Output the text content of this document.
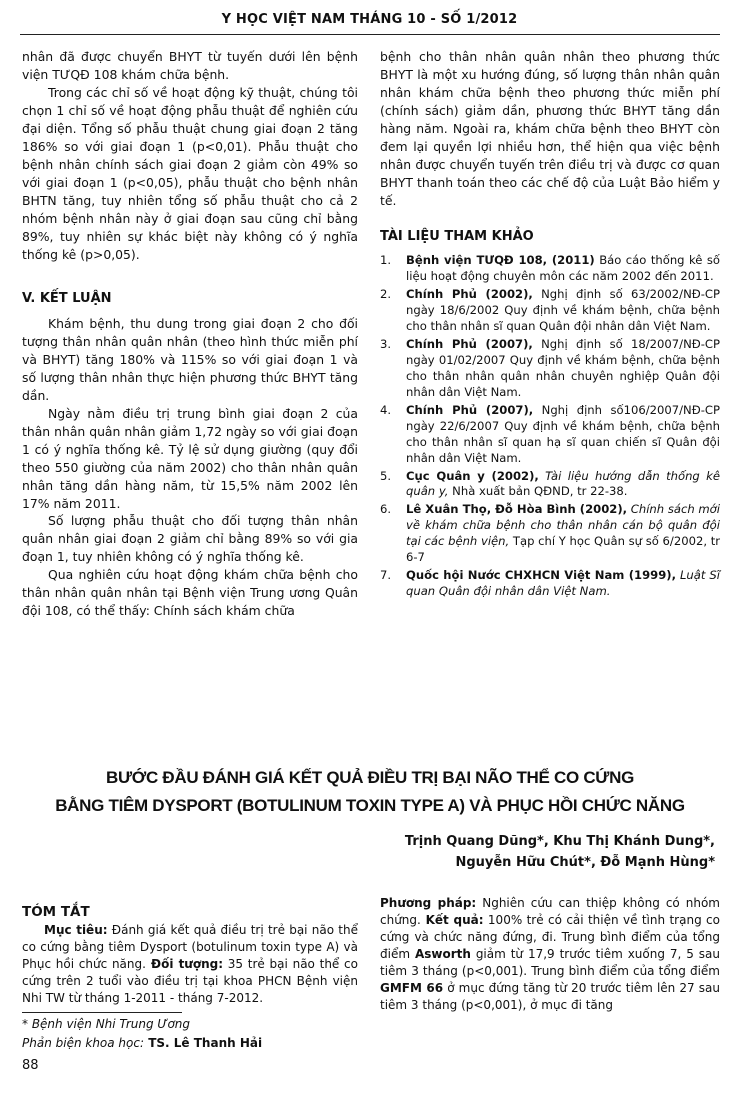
Y HỌC VIỆT NAM THÁNG 10 - SỐ 1/2012

nhân đã được chuyển BHYT từ tuyến dưới lên bệnh viện TƯQĐ 108 khám chữa bệnh.

Trong các chỉ số về hoạt động kỹ thuật, chúng tôi chọn 1 chỉ số về hoạt động phẫu thuật để nghiên cứu đại diện. Tổng số phẫu thuật chung giai đoạn 2 tăng 186% so với giai đoạn 1 (p<0,01). Phẫu thuật cho bệnh nhân chính sách giai đoạn 2 giảm còn 49% so với giai đoạn 1 (p<0,05), phẫu thuật cho bệnh nhân BHTN tăng, tuy nhiên tổng số phẫu thuật cho cả 2 nhóm bệnh nhân này ở giai đoạn sau cũng chỉ bằng 89%, tuy nhiên sự khác biệt này không có ý nghĩa thống kê (p>0,05).

V. KẾT LUẬN

Khám bệnh, thu dung trong giai đoạn 2 cho đối tượng thân nhân quân nhân (theo hình thức miễn phí và BHYT) tăng 180% và 115% so với giai đoạn 1 và số lượng thân nhân thực hiện phương thức BHYT tăng dần.

Ngày nằm điều trị trung bình giai đoạn 2 của thân nhân quân nhân giảm 1,72 ngày so với giai đoạn 1 có ý nghĩa thống kê. Tỷ lệ sử dụng giường (quy đổi theo 550 giường của năm 2002) cho thân nhân quân nhân tăng dần hàng năm, từ 15,5% năm 2002 lên 17% năm 2011.

Số lượng phẫu thuật cho đối tượng thân nhân quân nhân giai đoạn 2 giảm chỉ bằng 89% so với gia đoạn 1, tuy nhiên không có ý nghĩa thống kê.

Qua nghiên cứu hoạt động khám chữa bệnh cho thân nhân quân nhân tại Bệnh viện Trung ương Quân đội 108, có thể thấy: Chính sách khám chữa

bệnh cho thân nhân quân nhân theo phương thức BHYT là một xu hướng đúng, số lượng thân nhân quân nhân khám chữa bệnh theo phương thức miễn phí (chính sách) giảm dần, phương thức BHYT tăng dần hàng năm. Ngoài ra, khám chữa bệnh theo BHYT còn đem lại quyền lợi nhiều hơn, thể hiện qua việc bệnh nhân được chuyển tuyến trên điều trị và được cơ quan BHYT thanh toán theo các chế độ của Luật Bảo hiểm y tế.

TÀI LIỆU THAM KHẢO
1. Bệnh viện TƯQĐ 108, (2011) Báo cáo thống kê số liệu hoạt động chuyên môn các năm 2002 đến 2011.
2. Chính Phủ (2002), Nghị định số 63/2002/NĐ-CP ngày 18/6/2002 Quy định về khám bệnh, chữa bệnh cho thân nhân sĩ quan Quân đội nhân dân Việt Nam.
3. Chính Phủ (2007), Nghị định số 18/2007/NĐ-CP ngày 01/02/2007 Quy định về khám bệnh, chữa bệnh cho thân nhân quân nhân chuyên nghiệp Quân đội nhân dân Việt Nam.
4. Chính Phủ (2007), Nghị định số106/2007/NĐ-CP ngày 22/6/2007 Quy định về khám bệnh, chữa bệnh cho thân nhân sĩ quan hạ sĩ quan chiến sĩ Quân đội nhân dân Việt Nam.
5. Cục Quân y (2002), Tài liệu hướng dẫn thống kê quân y, Nhà xuất bản QĐND, tr 22-38.
6. Lê Xuân Thọ, Đỗ Hòa Bình (2002), Chính sách mới về khám chữa bệnh cho thân nhân cán bộ quân đội tại các bệnh viện, Tạp chí Y học Quân sự số 6/2002, tr 6-7
7. Quốc hội Nước CHXHCN Việt Nam (1999), Luật Sĩ quan Quân đội nhân dân Việt Nam.
BƯỚC ĐẦU ĐÁNH GIÁ KẾT QUẢ ĐIỀU TRỊ BẠI NÃO THỂ CO CỨNG
BẰNG TIÊM DYSPORT (BOTULINUM TOXIN TYPE A) VÀ PHỤC HỒI CHỨC NĂNG
Trịnh Quang Dũng*, Khu Thị Khánh Dung*,
Nguyễn Hữu Chút*, Đỗ Mạnh Hùng*
TÓM TẮT

Mục tiêu: Đánh giá kết quả điều trị trẻ bại não thể co cứng bằng tiêm Dysport (botulinum toxin type A) và Phục hồi chức năng. Đối tượng: 35 trẻ bại não thể co cứng trên 2 tuổi vào điều trị tại khoa PHCN Bệnh viện Nhi TW từ tháng 1-2011 - tháng 7-2012.

Phương pháp: Nghiên cứu can thiệp không có nhóm chứng. Kết quả: 100% trẻ có cải thiện về tình trạng co cứng và chức năng đứng, đi. Trung bình điểm của tổng điểm Asworth giảm từ 17,9 trước tiêm xuống 7, 5 sau tiêm 3 tháng (p<0,001). Trung bình điểm của tổng điểm GMFM 66 ở mục đứng tăng từ 20 trước tiêm lên 27 sau tiêm 3 tháng (p<0,001), ở mục đi tăng

* Bệnh viện Nhi Trung Ương
Phản biện khoa học: TS. Lê Thanh Hải
88
